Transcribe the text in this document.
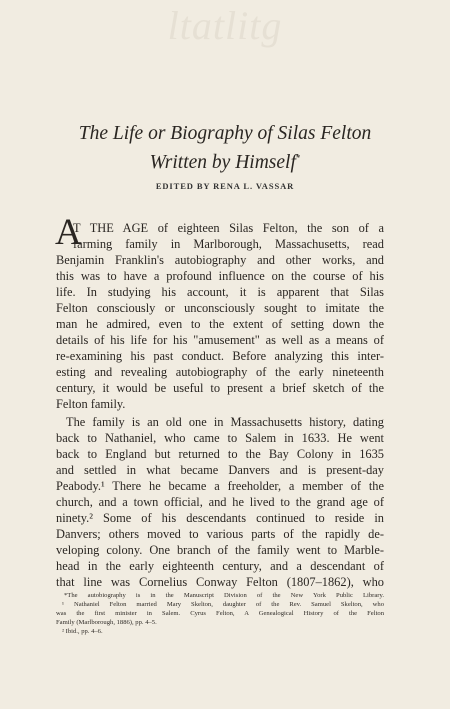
ltatlitg
The Life or Biography of Silas Felton
Written by Himself*
EDITED BY RENA L. VASSAR
A
T THE AGE of eighteen Silas Felton, the son of a
farming family in Marlborough, Massachusetts, read
Benjamin Franklin's autobiography and other works, and
this was to have a profound influence on the course of his
life. In studying his account, it is apparent that Silas
Felton consciously or unconsciously sought to imitate the
man he admired, even to the extent of setting down the
details of his life for his "amusement" as well as a means of
re-examining his past conduct. Before analyzing this inter-
esting and revealing autobiography of the early nineteenth
century, it would be useful to present a brief sketch of the
Felton family.
The family is an old one in Massachusetts history, dating
back to Nathaniel, who came to Salem in 1633. He went
back to England but returned to the Bay Colony in 1635
and settled in what became Danvers and is present-day
Peabody.¹ There he became a freeholder, a member of the
church, and a town official, and he lived to the grand age of
ninety.² Some of his descendants continued to reside in
Danvers; others moved to various parts of the rapidly de-
veloping colony. One branch of the family went to Marble-
head in the early eighteenth century, and a descendant of
that line was Cornelius Conway Felton (1807–1862), who
*The autobiography is in the Manuscript Division of the New York Public Library.
¹ Nathaniel Felton married Mary Skelton, daughter of the Rev. Samuel Skelton, who
was the first minister in Salem. Cyrus Felton, A Genealogical History of the Felton
Family (Marlborough, 1886), pp. 4–5.
² Ibid., pp. 4–6.
